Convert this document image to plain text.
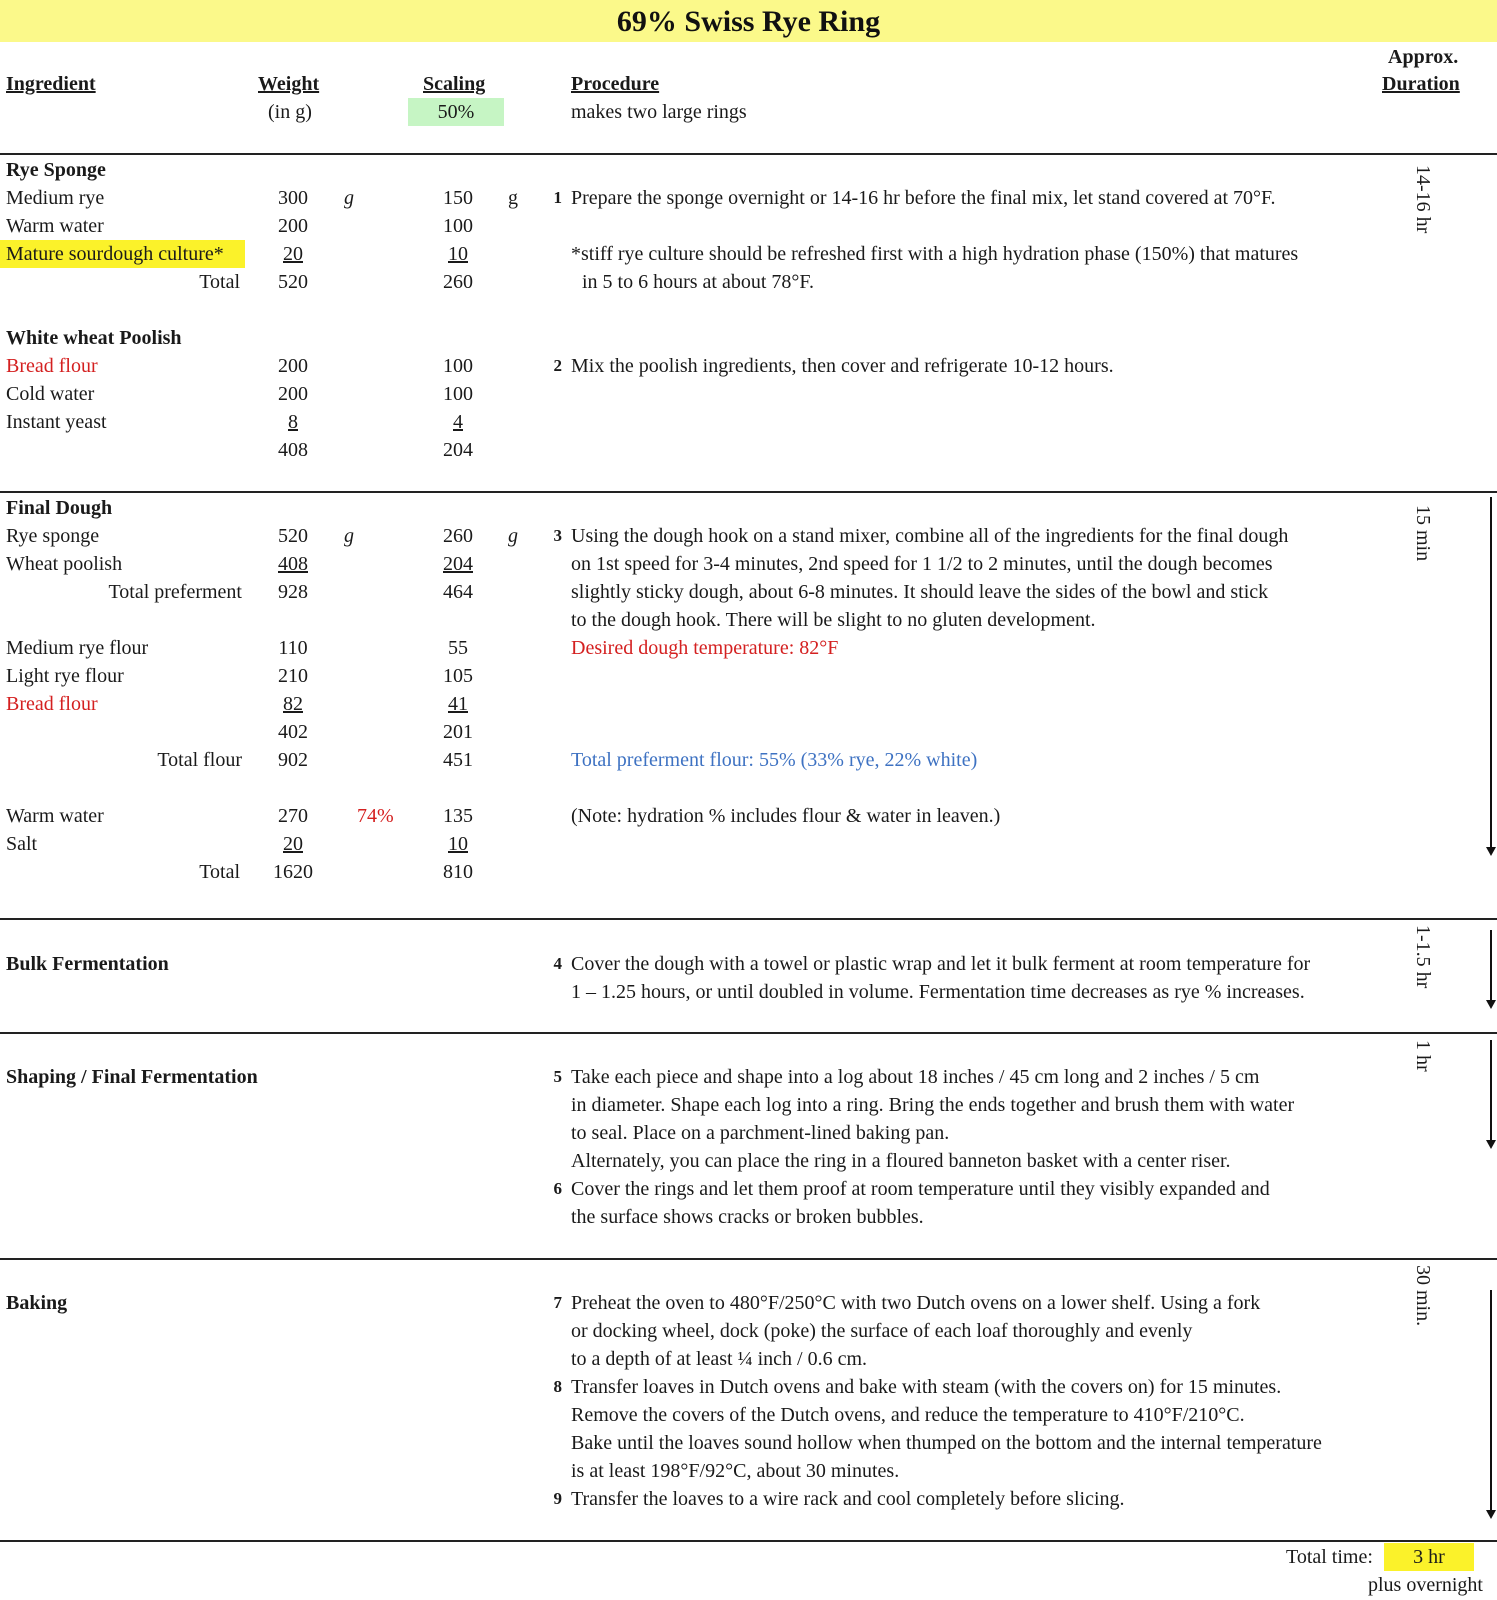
69% Swiss Rye Ring
Ingredient	Weight
(in g)
Scaling
50%
Procedure
makes two large rings
Approx.
Duration
Rye Sponge
Medium rye	300	g	150	g
Warm water	200	100
Mature sourdough culture*	20	10
Total	520	260
1 Prepare the sponge overnight or 14-16 hr before the final mix, let stand covered at 70°F.
*stiff rye culture should be refreshed first with a high hydration phase (150%) that matures
in 5 to 6 hours at about 78°F.
14-16 hr
White wheat Poolish
Bread flour	200	100
Cold water	200	100
Instant yeast	8	4
408	204
2 Mix the poolish ingredients, then cover and refrigerate 10-12 hours.
Final Dough
Rye sponge	520	g	260	g
Wheat poolish	408	204
Total preferment	928	464
Medium rye flour	110	55
Light rye flour	210	105
Bread flour	82	41
402	201
Total flour	902	451
Warm water	270	74%	135
Salt	20	10
Total	1620	810
3 Using the dough hook on a stand mixer, combine all of the ingredients for the final dough
on 1st speed for 3-4 minutes, 2nd speed for 1 1/2 to 2 minutes, until the dough becomes
slightly sticky dough, about 6-8 minutes. It should leave the sides of the bowl and stick
to the dough hook. There will be slight to no gluten development.
Desired dough temperature: 82°F
Total preferment flour: 55% (33% rye, 22% white)
(Note: hydration % includes flour & water in leaven.)
15 min
Bulk Fermentation	4 Cover the dough with a towel or plastic wrap and let it bulk ferment at room temperature for
1 – 1.25 hours, or until doubled in volume. Fermentation time decreases as rye % increases.
1-1.5 hr
Shaping / Final Fermentation	5 Take each piece and shape into a log about 18 inches / 45 cm long and 2 inches / 5 cm
in diameter. Shape each log into a ring. Bring the ends together and brush them with water
to seal. Place on a parchment-lined baking pan.
Alternately, you can place the ring in a floured banneton basket with a center riser.
6 Cover the rings and let them proof at room temperature until they visibly expanded and
the surface shows cracks or broken bubbles.
1 hr
Baking	7 Preheat the oven to 480°F/250°C with two Dutch ovens on a lower shelf. Using a fork
or docking wheel, dock (poke) the surface of each loaf thoroughly and evenly
to a depth of at least ¼ inch / 0.6 cm.
8 Transfer loaves in Dutch ovens and bake with steam (with the covers on) for 15 minutes.
Remove the covers of the Dutch ovens, and reduce the temperature to 410°F/210°C.
Bake until the loaves sound hollow when thumped on the bottom and the internal temperature
is at least 198°F/92°C, about 30 minutes.
9 Transfer the loaves to a wire rack and cool completely before slicing.
30 min.
Total time:	3 hr
plus overnight
